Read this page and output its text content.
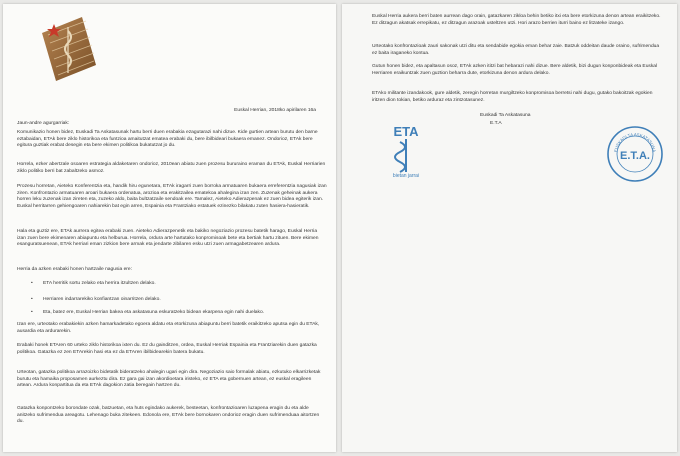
Euskal Herrian, 2018ko apirilaren 16a
Jaun-andre agurgarriak:

Komunikazio honen bidez, Euskadi Ta Askatasunak hartu berri duen erabakia ezagutarazi nahi dizue. Kide gurtien artean burutu den barne eztabaidan, ETAk bere ziklo historikoa eta funtzioa amaitutzat ematea erabaki du, bere ibilbideari bukaera emanez. Ondorioz, ETAk bere egitura guztiak erabat desegin eta bere ekimen politikoa bukatutzat jo du.

Horrela, ezker abertzale osoaren estrategia aldaketaren ondorioz, 2010ean abiatu zuen prozesu bururaino eraman du ETAk, Euskal Herriarien ziklo politiko berri bat zabaltzeko asmoz.

Prozesu horretan, Aieteko Konferentzia eta, handik hiru egunetara, ETAk iragarri zuen borroka armatuaren bukaera erreferentzia nagusiak izan ziren. Konfrontazio armatuaren aroari bukaera ordenatua, arozioa eta erakitzailea ematekoa ahalegina izan zen. Zuzenak geheinak aukera horren leku zuzenak izan zireten eta, zuzeko aldo, baita bultzatzaile sendoak ere. Tamalez, Aieteko Adierazpenak ez zuen bidea egiterik izan. Euskal herritarren gehiengoaren nahiarekin bat egin arren, Espainia eta Frantziako estatuek ezinezko bilakatu zuten hasiera-hasieratik.

Hala eta guztiz ere, ETAk aurrera egitea erabaki zuen. Aieteko Adierazpenetik eta bakiko negoziazio prozesu batetik harago, Euskal Herria izan zuen bere ekimenaren abiapuntu eta helburua. Horrela, ordura arte hartutako konpromisoak bete eta bertiak hartu zituen. Bere ekimen esanguratsuenean, ETAk herriari eman zizkion bere armak eta jendarte zibilaren esku utzi zuen armagabetzearen ardura.

Herria da azken erabaki honen hartzaile nagusia ere:

• ETA herritik sortu zelako eta herrira itzultzen delako.
• Herriaren indarrarekiko konfiantzan oinarritzen delako.
• Eta, batez ere, Euskal Herrian bakea eta askatasuna eskuratzeko bidean ekarpena egin nahi duelako.

Izan ere, urteotako erabakiekin azken hamarkadetako egoera aldatu eta etorkizuna abiapuntu berri batetik eraikitzeko aputsa egin du ETAk, ausardia eta ardurarekin.

Erabaki honek ETAren 60 urteko ziklo historikoa ixten du. Ez du gainditzen, ordea, Euskal Herriak Espainia eta Frantziarekin duen gatazka politikoa. Gatazka ez zen ETArekin hasi eta ez da ETAren ibilbidearekin batera bukatu.

Urteotan, gatazka politikoa arrazoizko bidetatik bideratzeko ahalegin ugari egin dira. Negoziazio saio formalak abiatu, ezkutuko elkarrizketak burutu eta hamaika proposamen aurkeztu dira. Ez gara gai izan akordioetara iristeko, ez ETA eta gobernuen artean, ez euskal eragileen artean. Ardura konpartitua da eta ETAk dagokion zatia beregain hartzen du.

Gatazka konpontzeko borondate ozak, batzuetan, eta huts egindako aukerek, besteetan, konfrontazioaren luzapena eragin du eta alde anitzeko sufrimendua areagotu. Lehenago buka zitekeen. Edonola ere, ETAk bere bornokaren ondorioz eragin duen sufrimenduaa aitortzen du.

Euskal Herria aukera berri baten aurrean dago orain, gatazkaren zikloa behin betiko itxi eta bere etorkizuna denon artean eraikitzeko. Ez ditzagun akatsak errepikatu, ez ditzagun arazoak usteltzen utzi. Hori arazo berrien iturri baino ez litzateke izango.

Urteotako konfrontazioak zauri sakonak utzi ditu eta sendabide egokia eman behar zaie. Batzuk oddeitan daude oraino, sufrimendua ez baita iraganeko kontua.

Gutun honen bidez, eta apaltasun osoz, ETAk azken ititzi bat hebarazi nahi dizue. Bere aldetik, bizi dugun konponbideak eta Euskal Herriaren eraikuntzak zuen guztion beharra dute, etorkizuna denon ardura delako.

ETAko militante izandakook, gure aldetik, zeregin horretan murgiltzeko konpromisoa berretsi nahi dugu, gutako bakoitzak egokien iritzen dion tokian, betiko arduraz eta zintzotasunez.

Euskadi Ta Askatasuna
E.T.A
ETA
bietan jarrai
EUSKADI TA ASKATASUNA
E.T.A.
